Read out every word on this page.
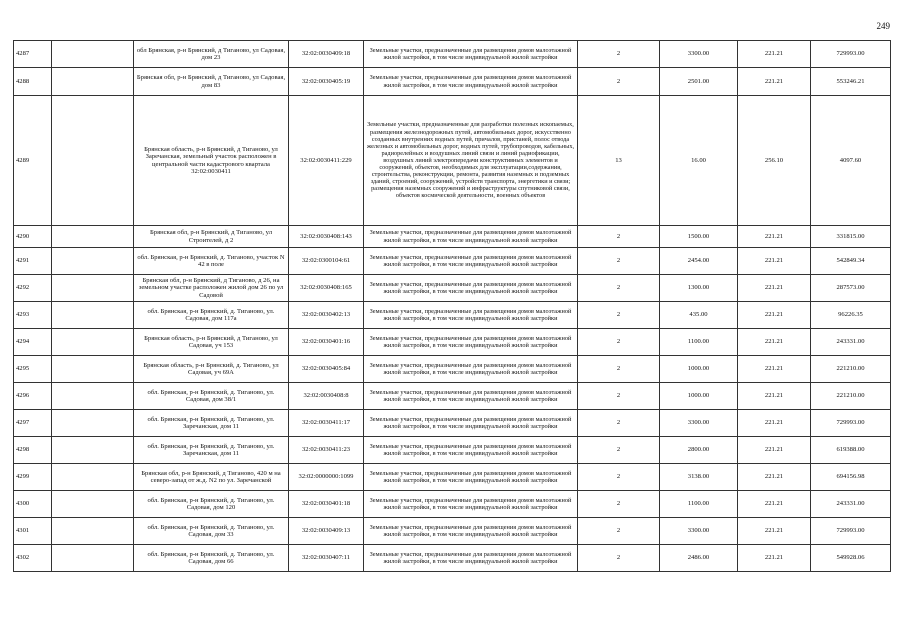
249
4287		обл Брянская, р-н Брянский, д Тиганово, ул Садовая, дом 23	32:02:0030409:18	Земельные участки, предназначенные для размещения домов малоэтажной жилой застройки, в том числе индивидуальной жилой застройки	2	3300.00	221.21	729993.00
4288		Брянская обл, р-н Брянский, д Тиганово, ул Садовая, дом 83	32:02:0030405:19	Земельные участки, предназначенные для размещения домов малоэтажной жилой застройки, в том числе индивидуальной жилой застройки	2	2501.00	221.21	553246.21
4289		Брянская область, р-н Брянский, д Тиганово, ул Заречанская, земельный участок расположен в центральной части кадастрового квартала 32:02:0030411	32:02:0030411:229	Земельные участки, предназначенные для разработки полезных ископаемых, размещения железнодорожных путей, автомобильных дорог, искусственно созданных внутренних водных путей, причалов, пристаней, полос отвода железных и автомобильных дорог, водных путей, трубопроводов, кабельных, радиорелейных и воздушных линий связи и линий радиофикации, воздушных линий электропередачи конструктивных элементов и сооружений, объектов, необходимых для эксплуатации,содержания, строительства, реконструкции, ремонта, развития наземных и подземных зданий, строений, сооружений, устройств транспорта, энергетики и связи; размещения наземных сооружений и инфраструктуры спутниковой связи, объектов космической деятельности, военных объектов	13	16.00	256.10	4097.60
4290		Брянская обл, р-н Брянский, д Тиганово, ул Строителей, д 2	32:02:0030408:143	Земельные участки, предназначенные для размещения домов малоэтажной жилой застройки, в том числе индивидуальной жилой застройки	2	1500.00	221.21	331815.00
4291		обл. Брянская, р-н Брянский, д. Тиганово, участок N 42 в поле	32:02:0300104:61	Земельные участки, предназначенные для размещения домов малоэтажной жилой застройки, в том числе индивидуальной жилой застройки	2	2454.00	221.21	542849.34
4292		Брянская обл, р-н Брянский, д Тиганово, д 26, на земельном участке расположен жилой дом 26 по ул Садовой	32:02:0030408:165	Земельные участки, предназначенные для размещения домов малоэтажной жилой застройки, в том числе индивидуальной жилой застройки	2	1300.00	221.21	287573.00
4293		обл. Брянская, р-н Брянский, д. Тиганово, ул. Садовая, дом 117а	32:02:0030402:13	Земельные участки, предназначенные для размещения домов малоэтажной жилой застройки, в том числе индивидуальной жилой застройки	2	435.00	221.21	96226.35
4294		Брянская область, р-н Брянский, д Тиганово, ул Садовая, уч 153	32:02:0030401:16	Земельные участки, предназначенные для размещения домов малоэтажной жилой застройки, в том числе индивидуальной жилой застройки	2	1100.00	221.21	243331.00
4295		Брянская область, р-н Брянский, д. Тиганово, ул Садовая, уч 69А	32:02:0030405:84	Земельные участки, предназначенные для размещения домов малоэтажной жилой застройки, в том числе индивидуальной жилой застройки	2	1000.00	221.21	221210.00
4296		обл. Брянская, р-н Брянский, д. Тиганово, ул. Садовая, дом 38/1	32:02:0030408:8	Земельные участки, предназначенные для размещения домов малоэтажной жилой застройки, в том числе индивидуальной жилой застройки	2	1000.00	221.21	221210.00
4297		обл. Брянская, р-н Брянский, д. Тиганово, ул. Заречанская, дом 11	32:02:0030411:17	Земельные участки, предназначенные для размещения домов малоэтажной жилой застройки, в том числе индивидуальной жилой застройки	2	3300.00	221.21	729993.00
4298		обл. Брянская, р-н Брянский, д. Тиганово, ул. Заречанская, дом 11	32:02:0030411:23	Земельные участки, предназначенные для размещения домов малоэтажной жилой застройки, в том числе индивидуальной жилой застройки	2	2800.00	221.21	619388.00
4299		Брянская обл, р-н Брянский, д Тиганово, 420 м на северо-запад от ж.д. N2 по ул. Заречанской	32:02:0000000:1099	Земельные участки, предназначенные для размещения домов малоэтажной жилой застройки, в том числе индивидуальной жилой застройки	2	3138.00	221.21	694156.98
4300		обл. Брянская, р-н Брянский, д. Тиганово, ул. Садовая, дом 120	32:02:0030401:18	Земельные участки, предназначенные для размещения домов малоэтажной жилой застройки, в том числе индивидуальной жилой застройки	2	1100.00	221.21	243331.00
4301		обл. Брянская, р-н Брянский, д. Тиганово, ул. Садовая, дом 33	32:02:0030409:13	Земельные участки, предназначенные для размещения домов малоэтажной жилой застройки, в том числе индивидуальной жилой застройки	2	3300.00	221.21	729993.00
4302		обл. Брянская, р-н Брянский, д. Тиганово, ул. Садовая, дом 66	32:02:0030407:11	Земельные участки, предназначенные для размещения домов малоэтажной жилой застройки, в том числе индивидуальной жилой застройки	2	2486.00	221.21	549928.06
